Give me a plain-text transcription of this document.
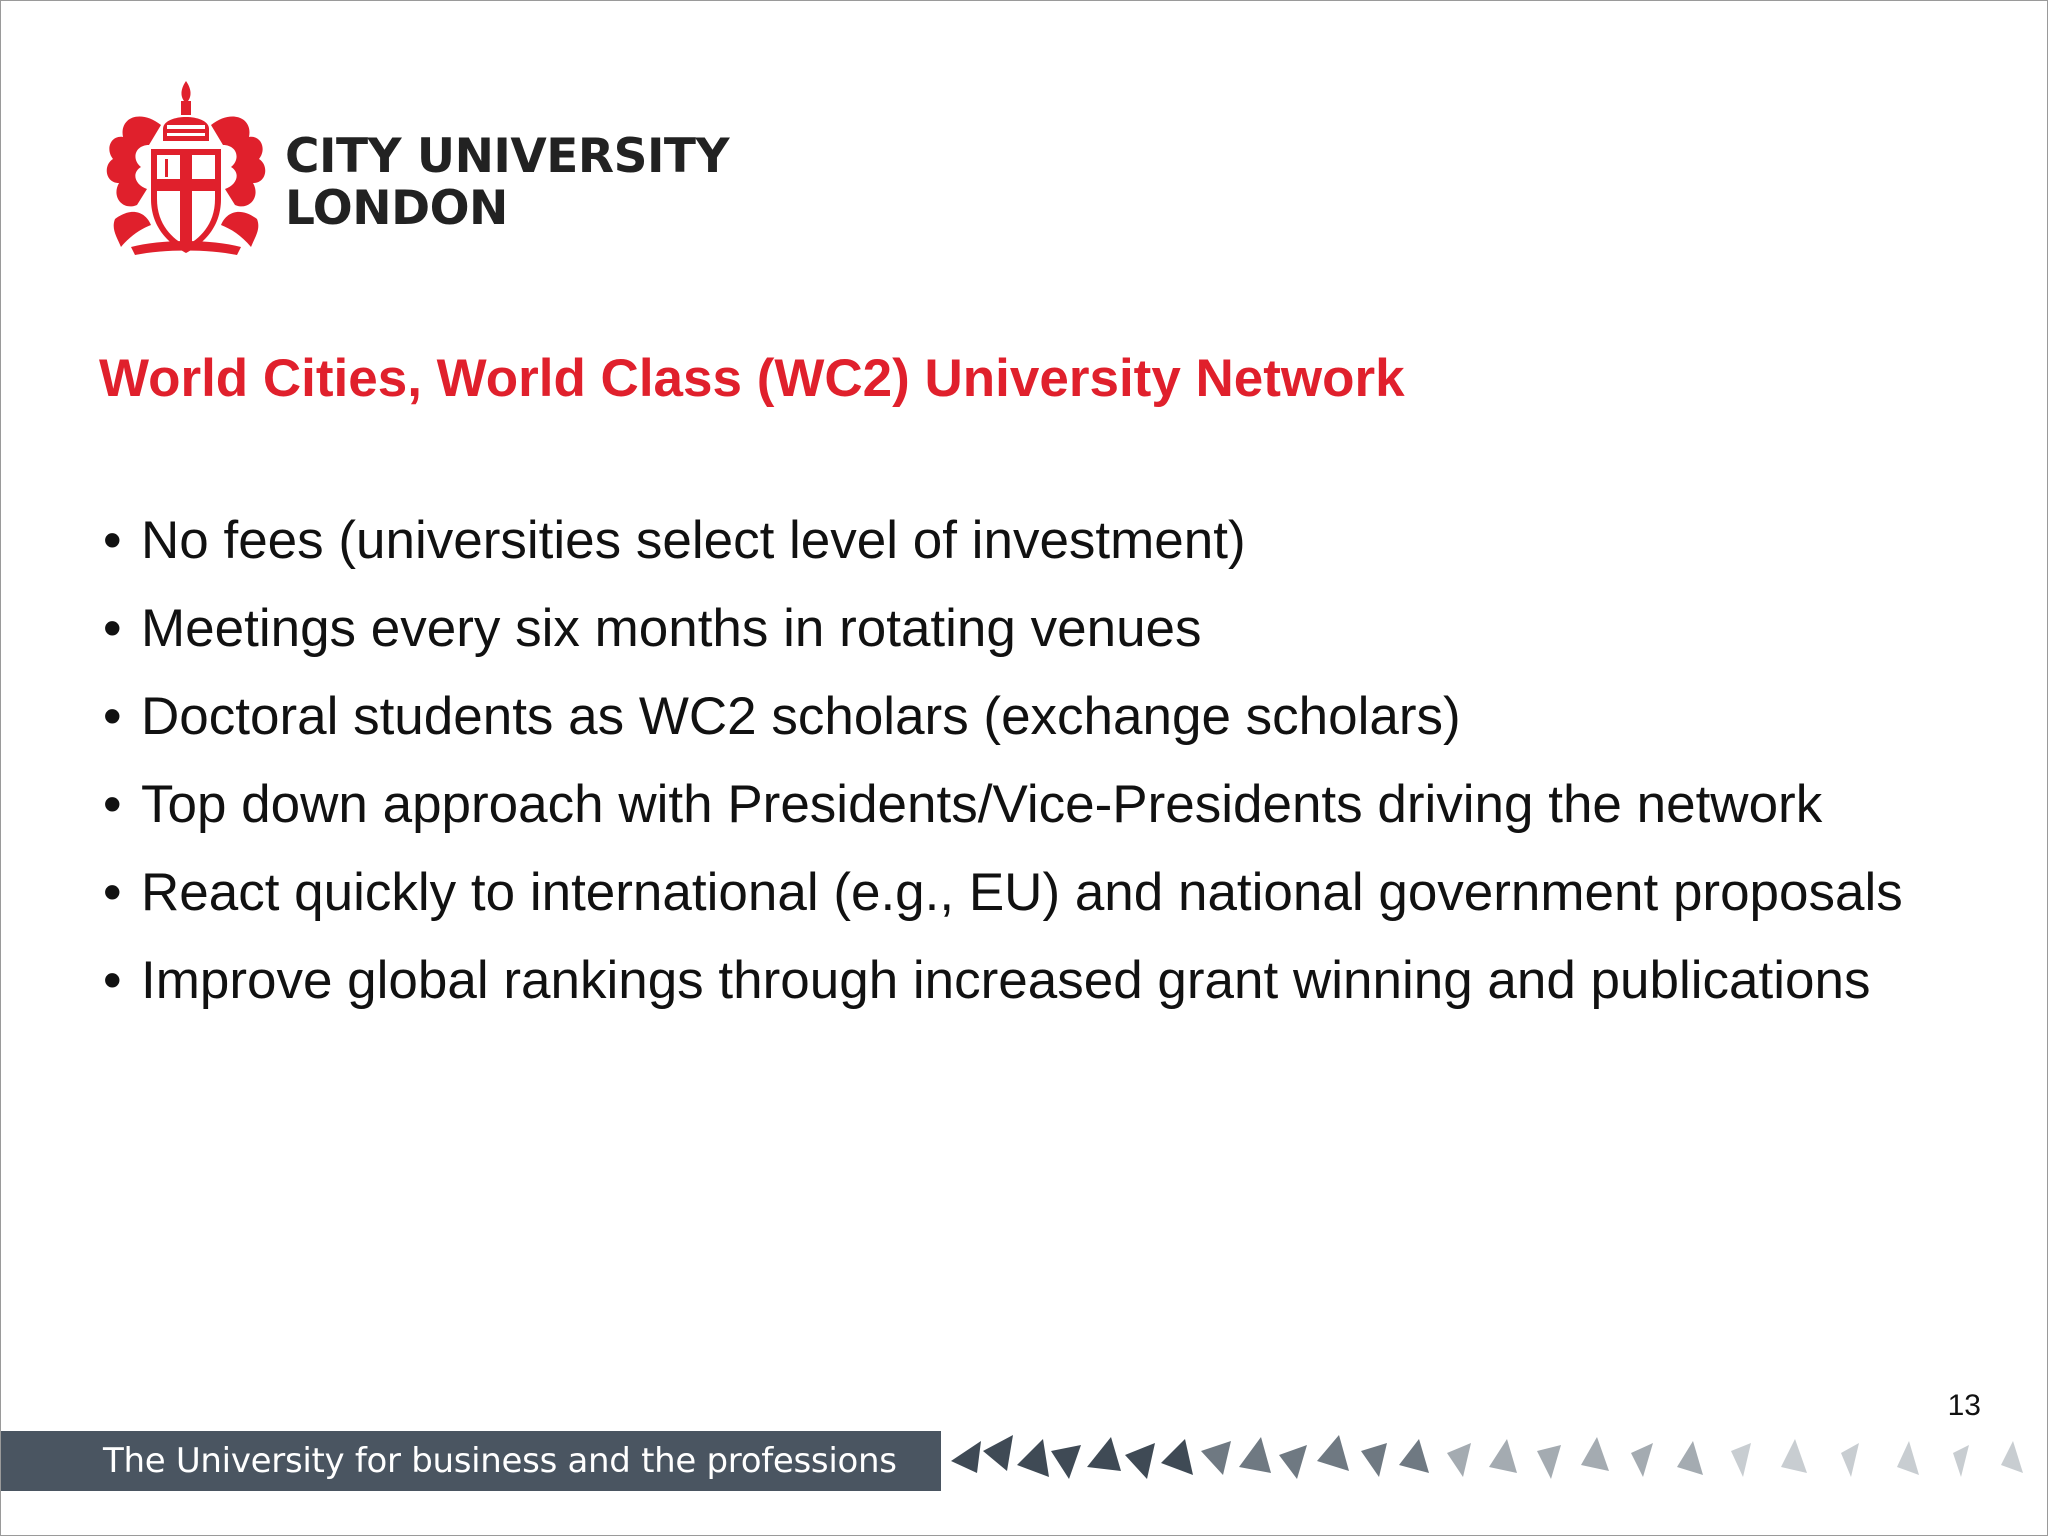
CITY UNIVERSITY
LONDON
World Cities, World Class (WC2) University Network
• No fees (universities select level of investment)
• Meetings every six months in rotating venues
• Doctoral students as WC2 scholars (exchange scholars)
• Top down approach with Presidents/Vice-Presidents driving the network
• React quickly to international (e.g., EU) and national government proposals
• Improve global rankings through increased grant winning and publications
13
The University for business and the professions
